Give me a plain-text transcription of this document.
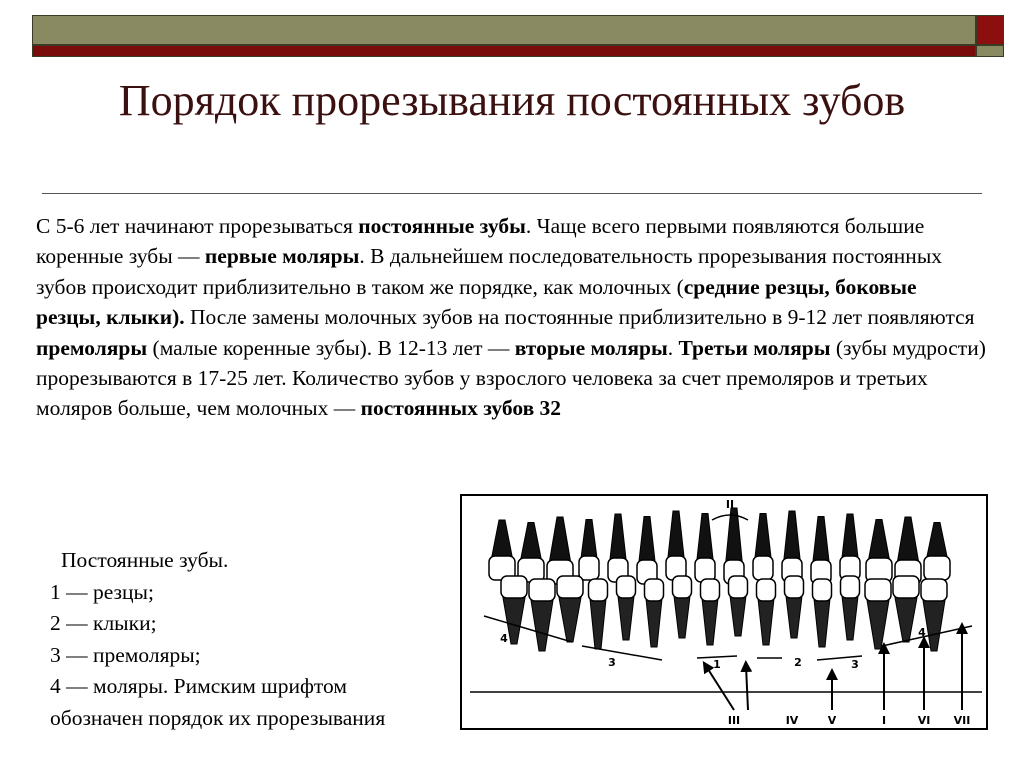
Порядок прорезывания постоянных зубов
С 5-6 лет начинают прорезываться постоянные зубы. Чаще всего первыми появляются большие коренные зубы — первые моляры. В дальнейшем последовательность прорезывания постоянных зубов происходит приблизительно в таком же порядке, как молочных (средние резцы, боковые резцы, клыки). После замены молочных зубов на постоянные приблизительно в 9-12 лет появляются премоляры (малые коренные зубы). В 12-13 лет — вторые моляры. Третьи моляры (зубы мудрости) прорезываются в 17-25 лет. Количество зубов у взрослого человека за счет премоляров и третьих моляров больше, чем молочных — постоянных зубов 32
Постоянные зубы.
1 — резцы;
2 — клыки;
3 — премоляры;
4 — моляры. Римским шрифтом
обозначен порядок их прорезывания
II
4
3	1	2	3
4
III	IV	V	I	VI VII
